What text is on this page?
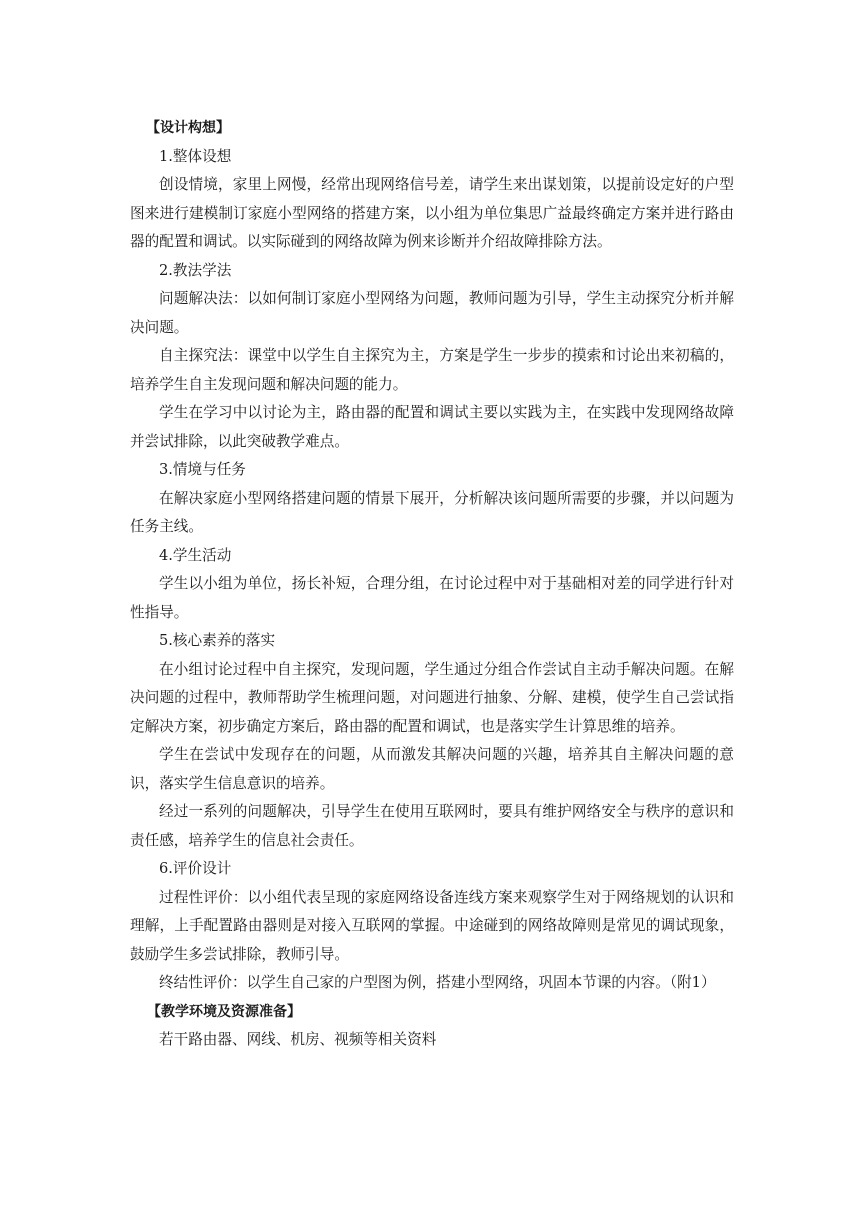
【设计构想】

1.整体设想

创设情境，家里上网慢，经常出现网络信号差，请学生来出谋划策，以提前设定好的户型图来进行建模制订家庭小型网络的搭建方案，以小组为单位集思广益最终确定方案并进行路由器的配置和调试。以实际碰到的网络故障为例来诊断并介绍故障排除方法。

2.教法学法

问题解决法：以如何制订家庭小型网络为问题，教师问题为引导，学生主动探究分析并解决问题。

自主探究法：课堂中以学生自主探究为主，方案是学生一步步的摸索和讨论出来初稿的，培养学生自主发现问题和解决问题的能力。

学生在学习中以讨论为主，路由器的配置和调试主要以实践为主，在实践中发现网络故障并尝试排除，以此突破教学难点。

3.情境与任务

在解决家庭小型网络搭建问题的情景下展开，分析解决该问题所需要的步骤，并以问题为任务主线。

4.学生活动

学生以小组为单位，扬长补短，合理分组，在讨论过程中对于基础相对差的同学进行针对性指导。

5.核心素养的落实

在小组讨论过程中自主探究，发现问题，学生通过分组合作尝试自主动手解决问题。在解决问题的过程中，教师帮助学生梳理问题，对问题进行抽象、分解、建模，使学生自己尝试指定解决方案，初步确定方案后，路由器的配置和调试，也是落实学生计算思维的培养。

学生在尝试中发现存在的问题，从而激发其解决问题的兴趣，培养其自主解决问题的意识，落实学生信息意识的培养。

经过一系列的问题解决，引导学生在使用互联网时，要具有维护网络安全与秩序的意识和责任感，培养学生的信息社会责任。

6.评价设计

过程性评价：以小组代表呈现的家庭网络设备连线方案来观察学生对于网络规划的认识和理解，上手配置路由器则是对接入互联网的掌握。中途碰到的网络故障则是常见的调试现象，鼓励学生多尝试排除，教师引导。

终结性评价：以学生自己家的户型图为例，搭建小型网络，巩固本节课的内容。（附1）

【教学环境及资源准备】

若干路由器、网线、机房、视频等相关资料
